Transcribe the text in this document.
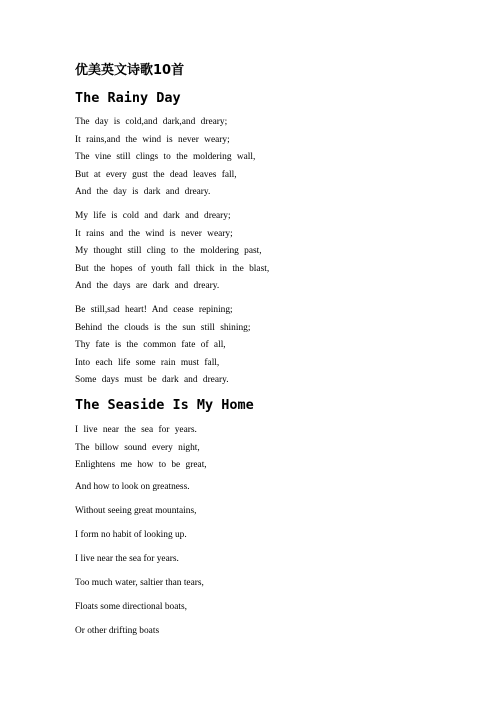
优美英文诗歌10首
The Rainy Day
The day is cold,and dark,and dreary;
It rains,and the wind is never weary;
The vine still clings to the moldering wall,
But at every gust the dead leaves fall,
And the day is dark and dreary.
My life is cold and dark and dreary;
It rains and the wind is never weary;
My thought still cling to the moldering past,
But the hopes of youth fall thick in the blast,
And the days are dark and dreary.
Be still,sad heart! And cease repining;
Behind the clouds is the sun still shining;
Thy fate is the common fate of all,
Into each life some rain must fall,
Some days must be dark and dreary.
The Seaside Is My Home
I live near the sea for years.
The billow sound every night,
Enlightens me how to be great,
And how to look on greatness.
Without seeing great mountains,
I form no habit of looking up.
I live near the sea for years.
Too much water, saltier than tears,
Floats some directional boats,
Or other drifting boats
